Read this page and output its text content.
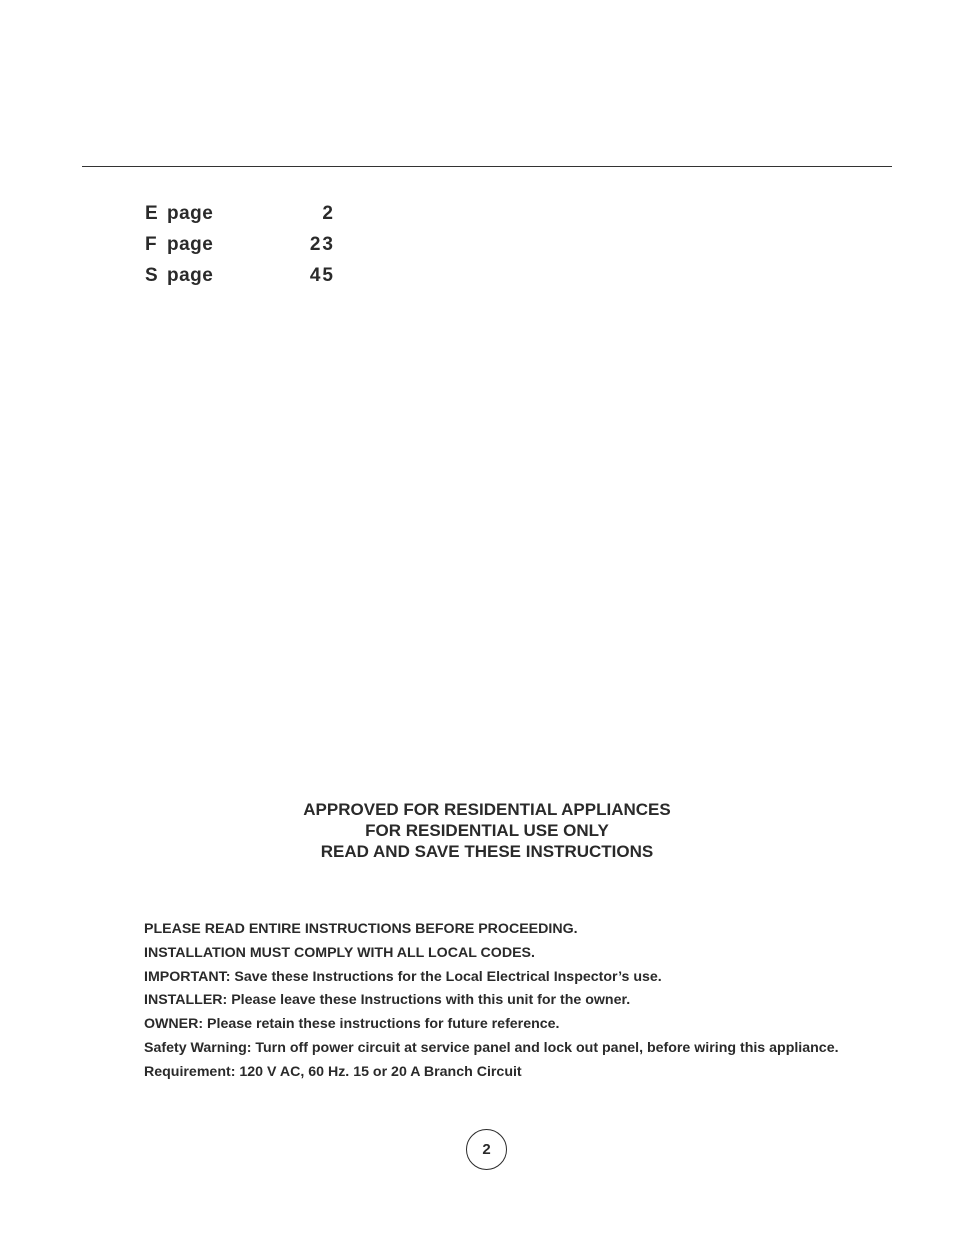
E page	2
F page	23
S page	45
APPROVED FOR RESIDENTIAL APPLIANCES
FOR RESIDENTIAL USE ONLY
READ AND SAVE THESE INSTRUCTIONS
PLEASE READ ENTIRE INSTRUCTIONS BEFORE PROCEEDING.
INSTALLATION MUST COMPLY WITH ALL LOCAL CODES.
IMPORTANT: Save these Instructions for the Local Electrical Inspector’s use.
INSTALLER: Please leave these Instructions with this unit for the owner.
OWNER: Please retain these instructions for future reference.
Safety Warning: Turn off power circuit at service panel and lock out panel, before wiring this appliance.
Requirement: 120 V AC, 60 Hz. 15 or 20 A Branch Circuit
2
